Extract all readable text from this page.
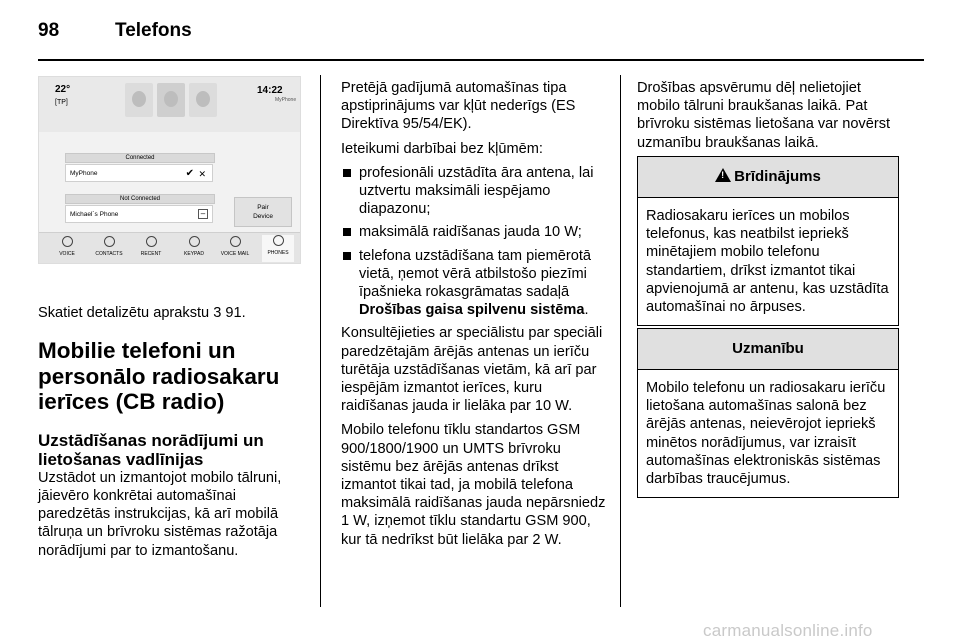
98	Telefons
22°
[TP]
14:22
MyPhone
Connected
MyPhone	✔ ✕
Not Connected
Michael´s Phone	–
Pair
Device
VOICE	CONTACTS	RECENT	KEYPAD	VOICE MAIL	PHONES

Skatiet detalizētu aprakstu 3 91.

Mobilie telefoni un personālo radiosakaru ierīces (CB radio)
Uzstādīšanas norādījumi un lietošanas vadlīnijas

Uzstādot un izmantojot mobilo tālruni, jāievēro konkrētai automašīnai paredzētās instrukcijas, kā arī mobilā tālruņa un brīvroku sistēmas ražotāja norādījumi par to izmantošanu.

Pretējā gadījumā automašīnas tipa apstiprinājums var kļūt nederīgs (ES Direktīva 95/54/EK).

Ieteikumi darbībai bez kļūmēm:

profesionāli uzstādīta āra antena, lai uztvertu maksimāli iespējamo diapazonu;
maksimālā raidīšanas jauda 10 W;
telefona uzstādīšana tam piemērotā vietā, ņemot vērā atbilstošo piezīmi īpašnieka rokasgrāmatas sadaļā Drošības gaisa spilvenu sistēma.

Konsultējieties ar speciālistu par speciāli paredzētajām ārējās antenas un ierīču turētāja uzstādīšanas vietām, kā arī par iespējām izmantot ierīces, kuru raidīšanas jauda ir lielāka par 10 W.

Mobilo telefonu tīklu standartos GSM 900/1800/1900 un UMTS brīvroku sistēmu bez ārējās antenas drīkst izmantot tikai tad, ja mobilā telefona maksimālā raidīšanas jauda nepārsniedz 1 W, izņemot tīklu standartu GSM 900, kur tā nedrīkst būt lielāka par 2 W.

Drošības apsvērumu dēļ nelietojiet mobilo tālruni braukšanas laikā. Pat brīvroku sistēmas lietošana var novērst uzmanību braukšanas laikā.

! Brīdinājums
Radiosakaru ierīces un mobilos telefonus, kas neatbilst iepriekš minētajiem mobilo telefonu standartiem, drīkst izmantot tikai apvienojumā ar antenu, kas uzstādīta automašīnai no ārpuses.
Uzmanību
Mobilo telefonu un radiosakaru ierīču lietošana automašīnas salonā bez ārējās antenas, neievērojot iepriekš minētos norādījumus, var izraisīt automašīnas elektroniskās sistēmas darbības traucējumus.
carmanualsonline.info
